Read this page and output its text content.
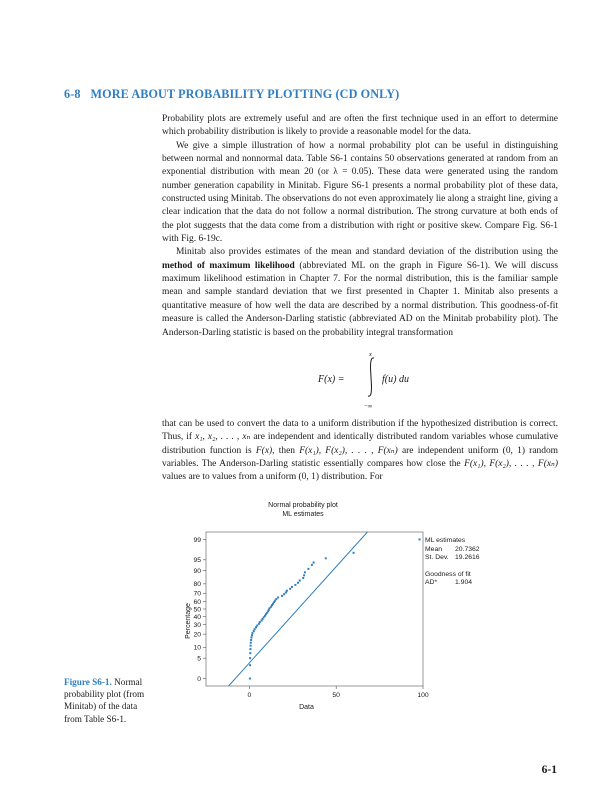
6-8 MORE ABOUT PROBABILITY PLOTTING (CD ONLY)

Probability plots are extremely useful and are often the first technique used in an effort to determine which probability distribution is likely to provide a reasonable model for the data.

We give a simple illustration of how a normal probability plot can be useful in distinguishing between normal and nonnormal data. Table S6-1 contains 50 observations generated at random from an exponential distribution with mean 20 (or λ = 0.05). These data were generated using the random number generation capability in Minitab. Figure S6-1 presents a normal probability plot of these data, constructed using Minitab. The observations do not even approximately lie along a straight line, giving a clear indication that the data do not follow a normal distribution. The strong curvature at both ends of the plot suggests that the data come from a distribution with right or positive skew. Compare Fig. S6-1 with Fig. 6-19c.

Minitab also provides estimates of the mean and standard deviation of the distribution using the method of maximum likelihood (abbreviated ML on the graph in Figure S6-1). We will discuss maximum likelihood estimation in Chapter 7. For the normal distribution, this is the familiar sample mean and sample standard deviation that we first presented in Chapter 1. Minitab also presents a quantitative measure of how well the data are described by a normal distribution. This goodness-of-fit measure is called the Anderson-Darling statistic (abbreviated AD on the Minitab probability plot). The Anderson-Darling statistic is based on the probability integral transformation

F(x) =
x
−∞
f(u) du

that can be used to convert the data to a uniform distribution if the hypothesized distribution is correct. Thus, if x₁, x₂, . . . , xₙ are independent and identically distributed random variables whose cumulative distribution function is F(x), then F(x₁), F(x₂), . . . , F(xₙ) are independent uniform (0, 1) random variables. The Anderson-Darling statistic essentially compares how close the F(x₁), F(x₂), . . . , F(xₙ) values are to values from a uniform (0, 1) distribution. For

Normal probability plot
ML estimates
0
5
10
20
30
40
50
60
70
80
90
95
99
0	50	100
Data
Percentage
ML estimates
Mean	20.7362
St. Dev. 19.2616
Goodness of fit
AD*	1.904
Figure S6-1. Normal probability plot (from Minitab) of the data from Table S6-1.
6-1
